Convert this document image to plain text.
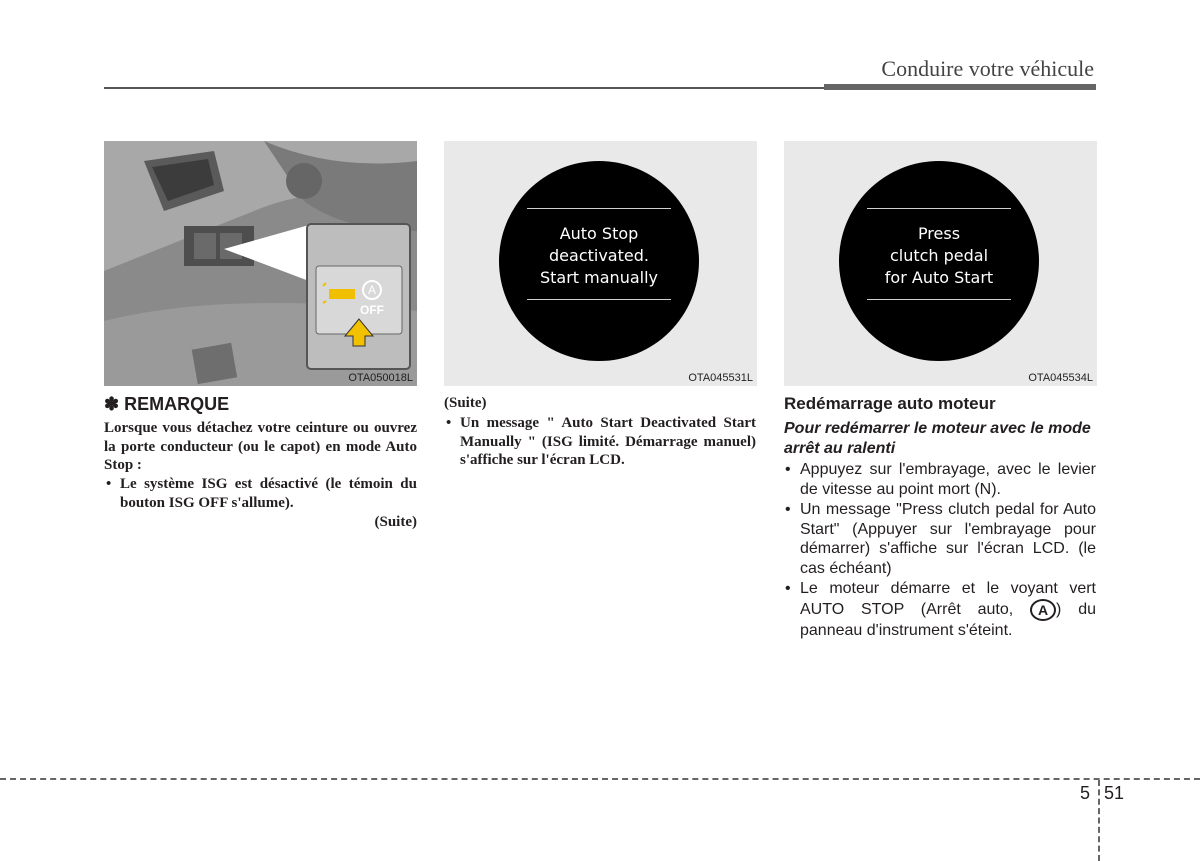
Conduire votre véhicule
A
OFF
OTA050018L
Auto Stop
deactivated.
Start manually
OTA045531L
Press
clutch pedal
for Auto Start
OTA045534L
✽ REMARQUE
Lorsque vous détachez votre ceinture ou ouvrez la porte conducteur (ou le capot) en mode Auto Stop :
• Le système ISG est désactivé (le témoin du bouton ISG OFF s'allume).
(Suite)
(Suite)
• Un message " Auto Start Deactivated Start Manually " (ISG limité. Démarrage manuel) s'affiche sur l'écran LCD.
Redémarrage auto moteur
Pour redémarrer le moteur avec le mode arrêt au ralenti
• Appuyez sur l'embrayage, avec le levier de vitesse au point mort (N).
• Un message "Press clutch pedal for Auto Start" (Appuyer sur l'embrayage pour démarrer) s'affiche sur l'écran LCD. (le cas échéant)
• Le moteur démarre et le voyant vert AUTO STOP (Arrêt auto, A ) du panneau d'instrument s'éteint.
5 51
